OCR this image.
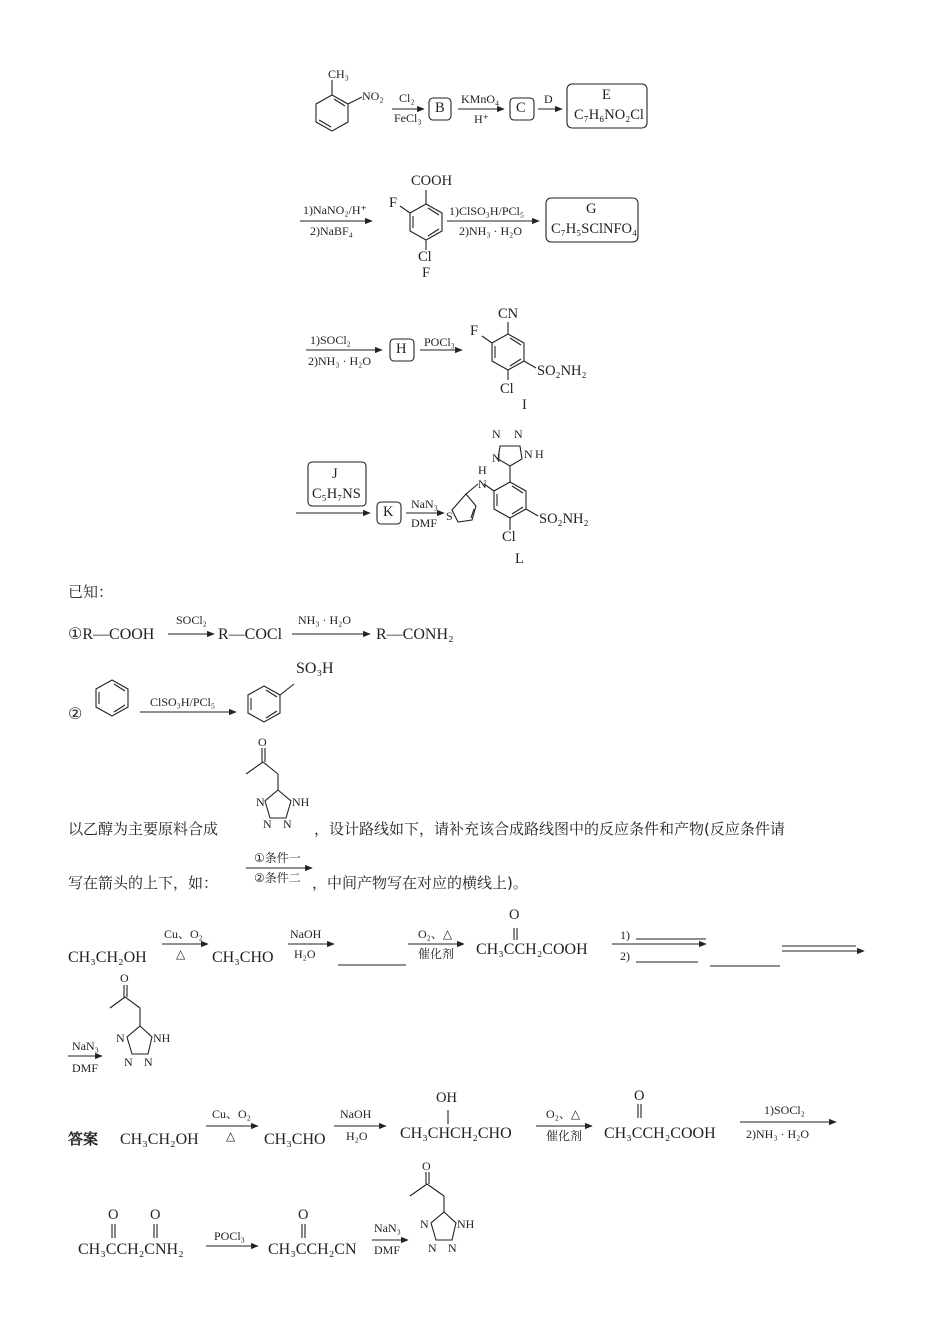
CH₃
NO₂ Cl₂
FeCl₃
B
KMnO₄
H⁺
C
D	E
C₇H₆NO₂Cl
1)NaNO₂/H⁺
2)NaBF₄
COOH
F
Cl
F
1)ClSO₃H/PCl₅
2)NH₃ · H₂O
G
C₇H₅SClNFO₄
1)SOCl₂
2)NH₃ · H₂O
H POCl₃
CN
F
SO₂NH₂
Cl
I
J
C₅H₇NS
K NaN₃
DMF
N N
N N H
H
N
S	SO₂NH₂
Cl
L
已知：
①R—COOH
SOCl₂
R—COCl
NH₃ · H₂O
R—CONH₂
②
ClSO₃H/PCl₅
SO₃H
O
NH
N
N N
以乙醇为主要原料合成	，设计路线如下，请补充该合成路线图中的反应条件和产物(反应条件请
写在箭头的上下，如：
①条件一
②条件二 ，中间产物写在对应的横线上)。
CH₃CH₂OH
Cu、O₂
△ CH₃CHO
NaOH
H₂O
O₂、△
催化剂
O
CH₃CCH₂COOH
1)
2)
O
NaN₃
DMF
NH
N
N N
答案 CH₃CH₂OH
Cu、O₂
△ CH₃CHO
NaOH
H₂O
OH
CH₃CHCH₂CHO
O₂、△
催化剂
O
CH₃CCH₂COOH
1)SOCl₂
2)NH₃ · H₂O
O O
CH₃CCH₂CNH₂
POCl₃
O
CH₃CCH₂CN
NaN₃
DMF
O
NH
N
N N
